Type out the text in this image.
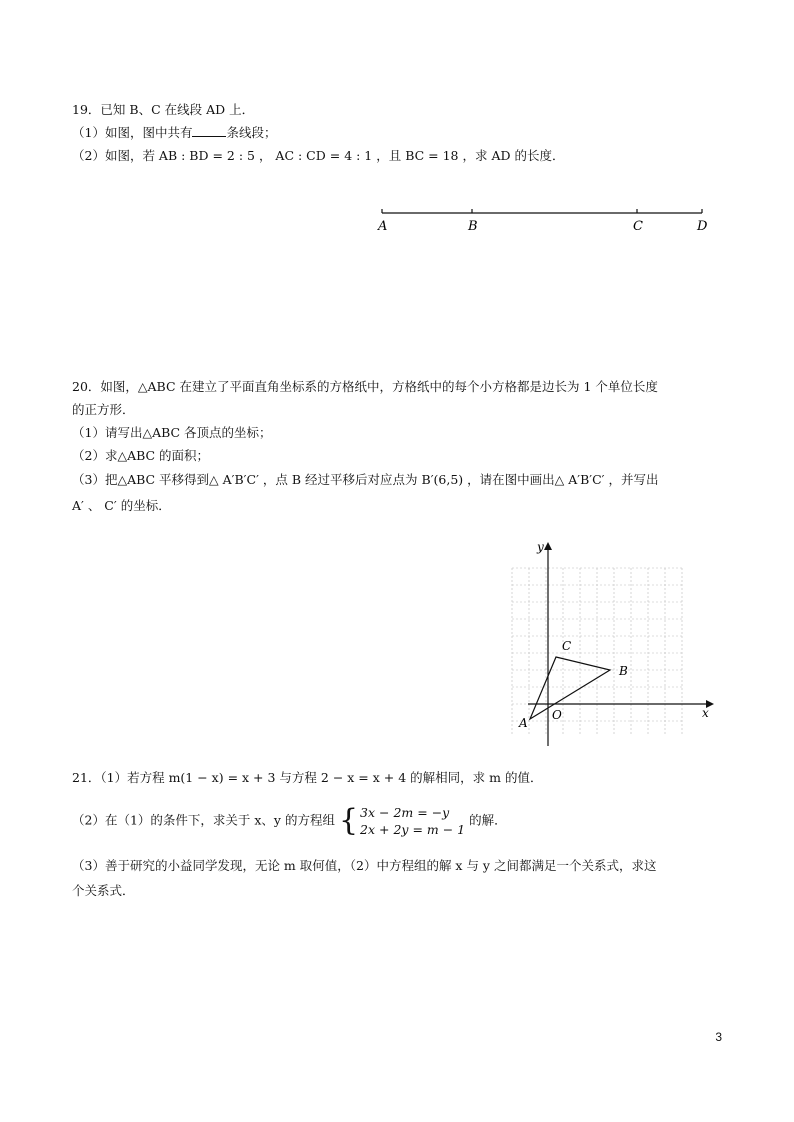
19．已知 B、C 在线段 AD 上．
（1）如图，图中共有	条线段；
（2）如图，若 AB : BD = 2 : 5 ， AC : CD = 4 : 1 ，且 BC = 18 ，求 AD 的长度．
A	B	C	D
20．如图，△ABC 在建立了平面直角坐标系的方格纸中，方格纸中的每个小方格都是边长为 1 个单位长度
的正方形．
（1）请写出△ABC 各顶点的坐标；
（2）求△ABC 的面积；
（3）把△ABC 平移得到△ A′B′C′ ，点 B 经过平移后对应点为 B′(6,5) ，请在图中画出△ A′B′C′ ，并写出
A′ 、 C′ 的坐标．
x
y
O
A
B
C
21．（1）若方程 m(1 − x) = x + 3 与方程 2 − x = x + 4 的解相同，求 m 的值．
（2）在（1）的条件下，求关于 x、y 的方程组 { 3x − 2m = −y
2x + 2y = m − 1 的解．
（3）善于研究的小益同学发现，无论 m 取何值，（2）中方程组的解 x 与 y 之间都满足一个关系式，求这
个关系式．
3
